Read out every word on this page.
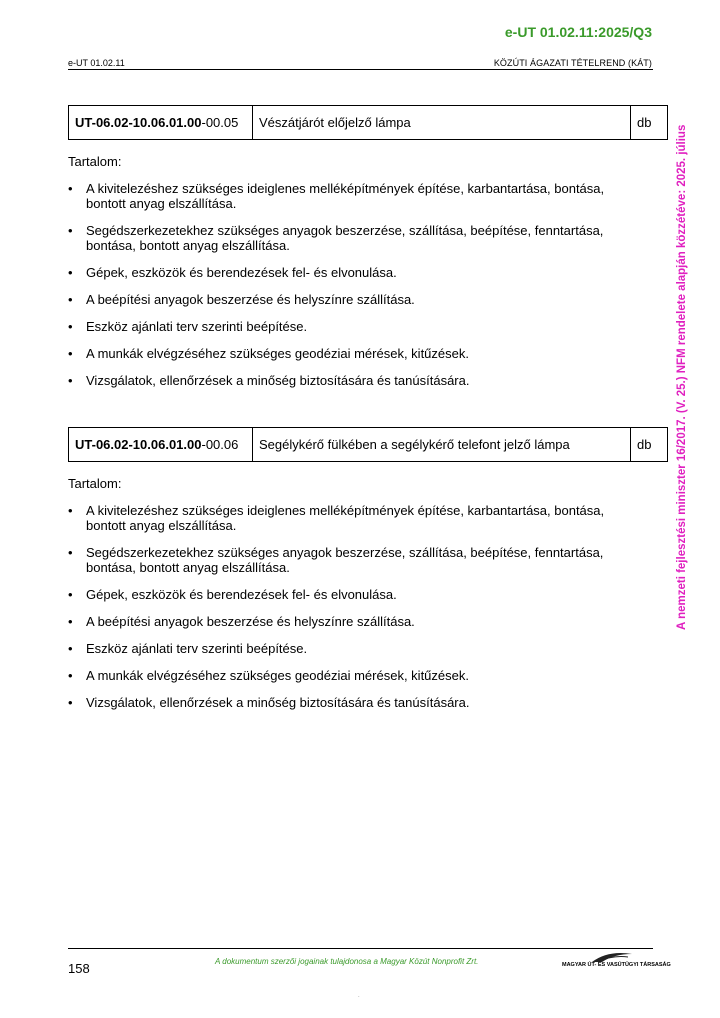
e-UT 01.02.11:2025/Q3
e-UT 01.02.11	KÖZÚTI ÁGAZATI TÉTELREND (KÁT)
A nemzeti fejlesztési miniszter 16/2017. (V. 25.) NFM rendelete alapján közzétéve: 2025. július
UT-06.02-10.06.01.00 -00.05	Vészátjárót előjelző lámpa	db
Tartalom:
• A kivitelezéshez szükséges ideiglenes melléképítmények építése, karbantartása, bontása, bontott anyag elszállítása.
• Segédszerkezetekhez szükséges anyagok beszerzése, szállítása, beépítése, fenntartása, bontása, bontott anyag elszállítása.
• Gépek, eszközök és berendezések fel- és elvonulása.
• A beépítési anyagok beszerzése és helyszínre szállítása.
• Eszköz ajánlati terv szerinti beépítése.
• A munkák elvégzéséhez szükséges geodéziai mérések, kitűzések.
• Vizsgálatok, ellenőrzések a minőség biztosítására és tanúsítására.
UT-06.02-10.06.01.00 -00.06	Segélykérő fülkében a segélykérő telefont jelző lámpa	db
Tartalom:
• A kivitelezéshez szükséges ideiglenes melléképítmények építése, karbantartása, bontása, bontott anyag elszállítása.
• Segédszerkezetekhez szükséges anyagok beszerzése, szállítása, beépítése, fenntartása, bontása, bontott anyag elszállítása.
• Gépek, eszközök és berendezések fel- és elvonulása.
• A beépítési anyagok beszerzése és helyszínre szállítása.
• Eszköz ajánlati terv szerinti beépítése.
• A munkák elvégzéséhez szükséges geodéziai mérések, kitűzések.
• Vizsgálatok, ellenőrzések a minőség biztosítására és tanúsítására.
158	A dokumentum szerzői jogainak tulajdonosa a Magyar Közút Nonprofit Zrt.	MAGYAR ÚT- ÉS VASÚTÜGYI TÁRSASÁG
.
